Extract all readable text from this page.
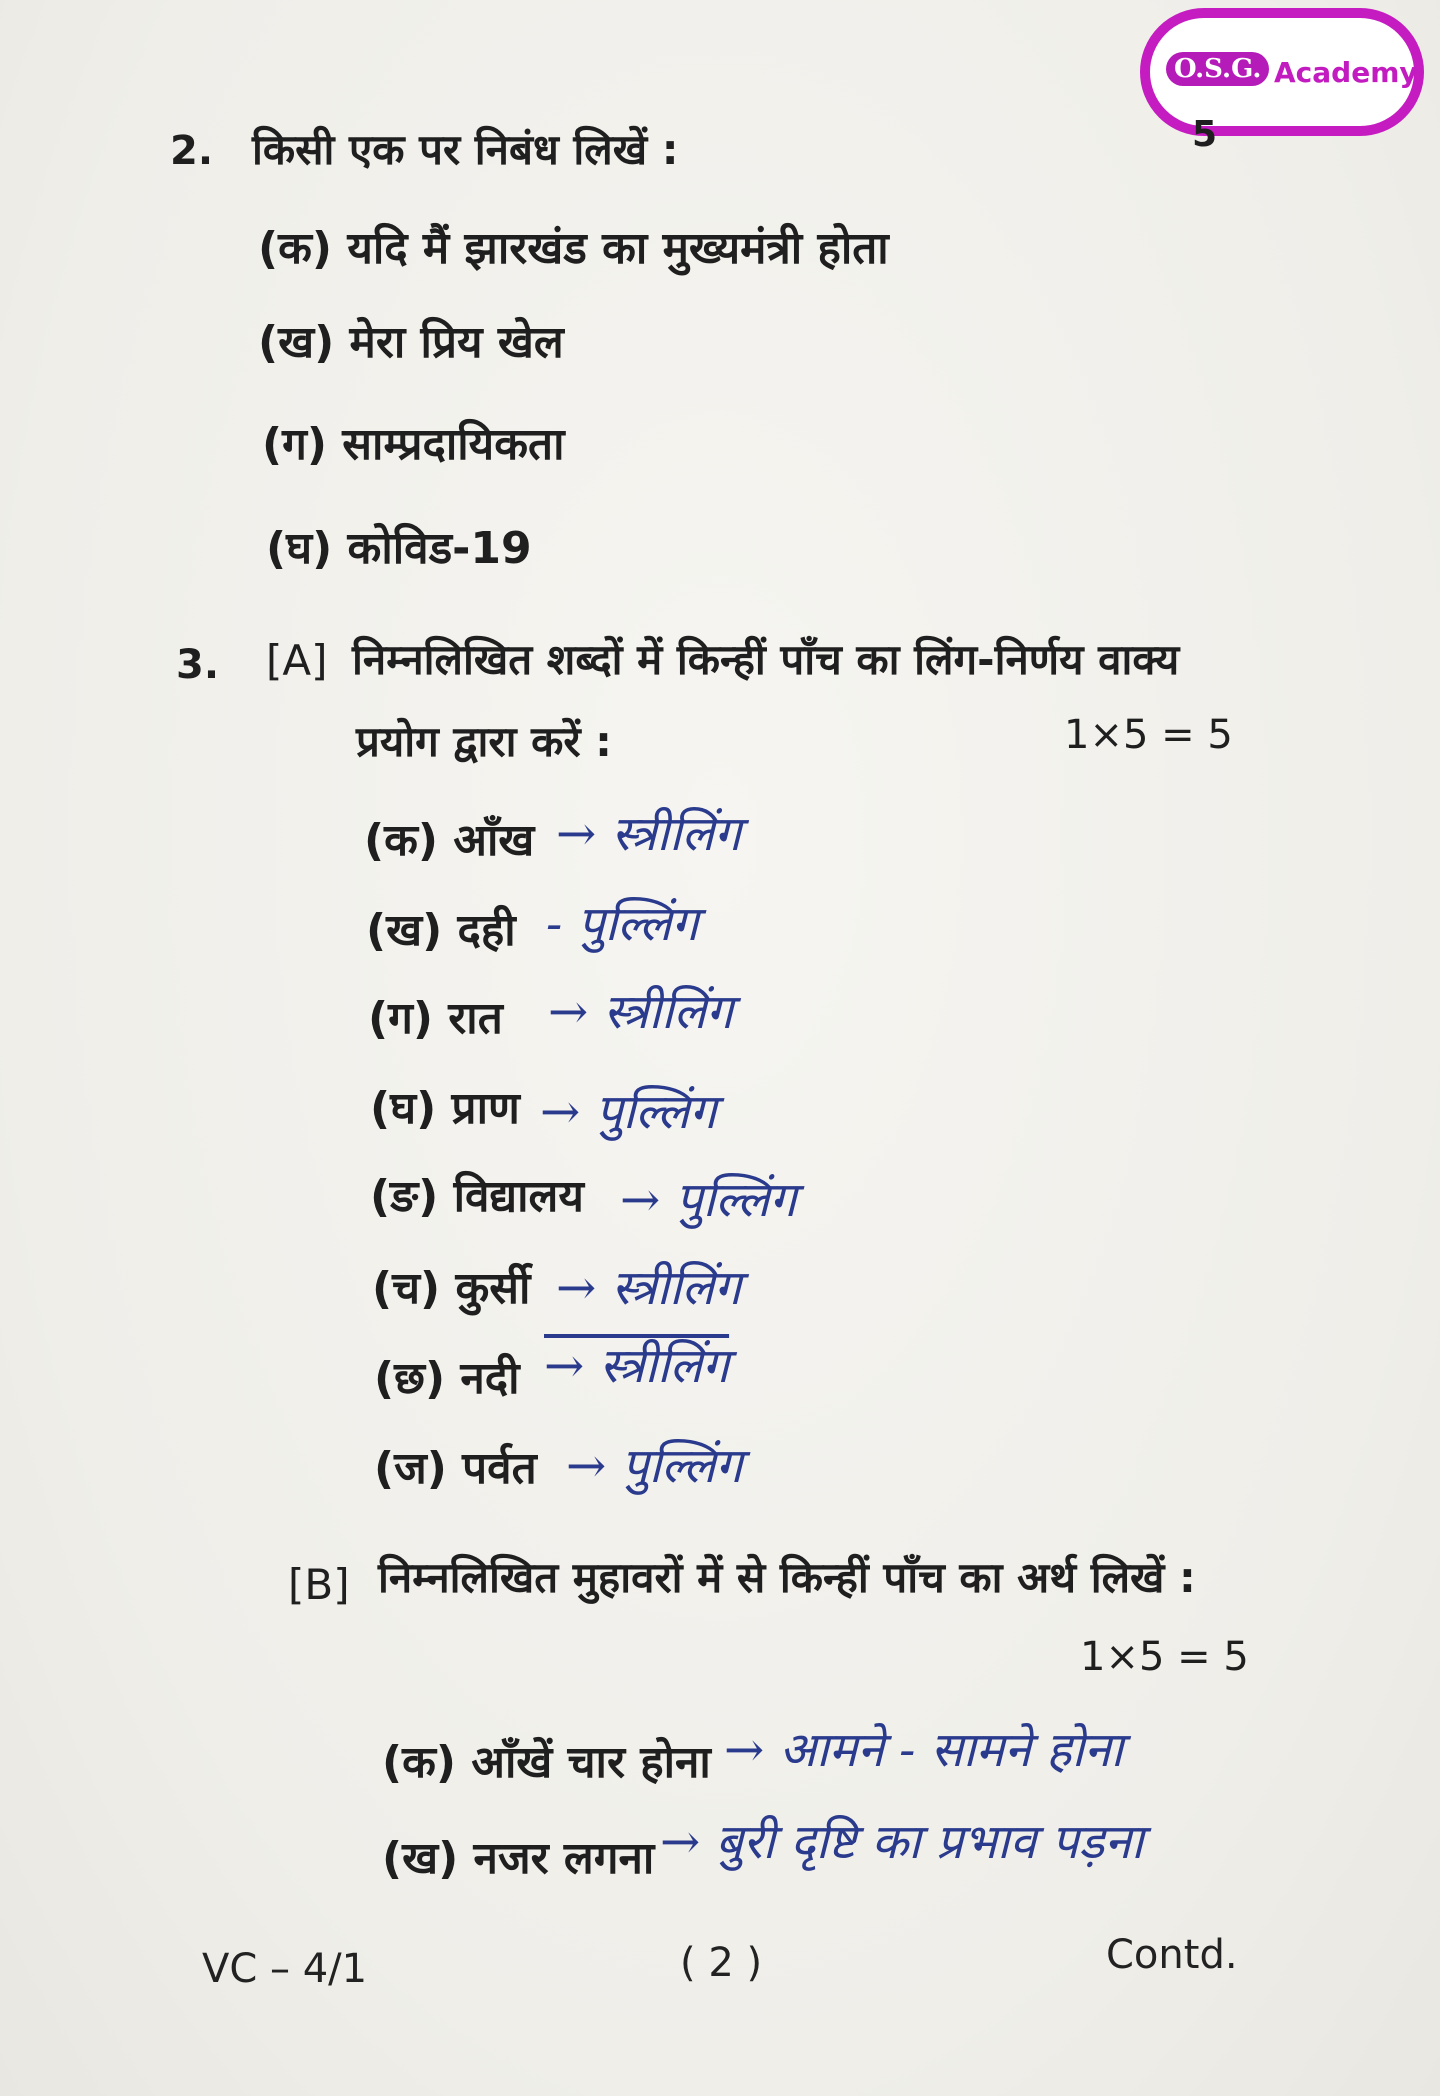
O.S.G. Academy
5
2. किसी एक पर निबंध लिखें :
(क) यदि मैं झारखंड का मुख्यमंत्री होता
(ख) मेरा प्रिय खेल
(ग) साम्प्रदायिकता
(घ) कोविड-19
3. [A] निम्नलिखित शब्दों में किन्हीं पाँच का लिंग-निर्णय वाक्य
प्रयोग द्वारा करें :	1×5 = 5
(क) आँख → स्त्रीलिंग
(ख) दही - पुल्लिंग
(ग) रात → स्त्रीलिंग
(घ) प्राण → पुल्लिंग
(ङ) विद्यालय → पुल्लिंग
(च) कुर्सी → स्त्रीलिंग
(छ) नदी → स्त्रीलिंग
(ज) पर्वत → पुल्लिंग
[B] निम्नलिखित मुहावरों में से किन्हीं पाँच का अर्थ लिखें :
1×5 = 5
(क) आँखें चार होना → आमने - सामने होना
(ख) नजर लगना → बुरी दृष्टि का प्रभाव पड़ना
VC – 4/1	( 2 )	Contd.
